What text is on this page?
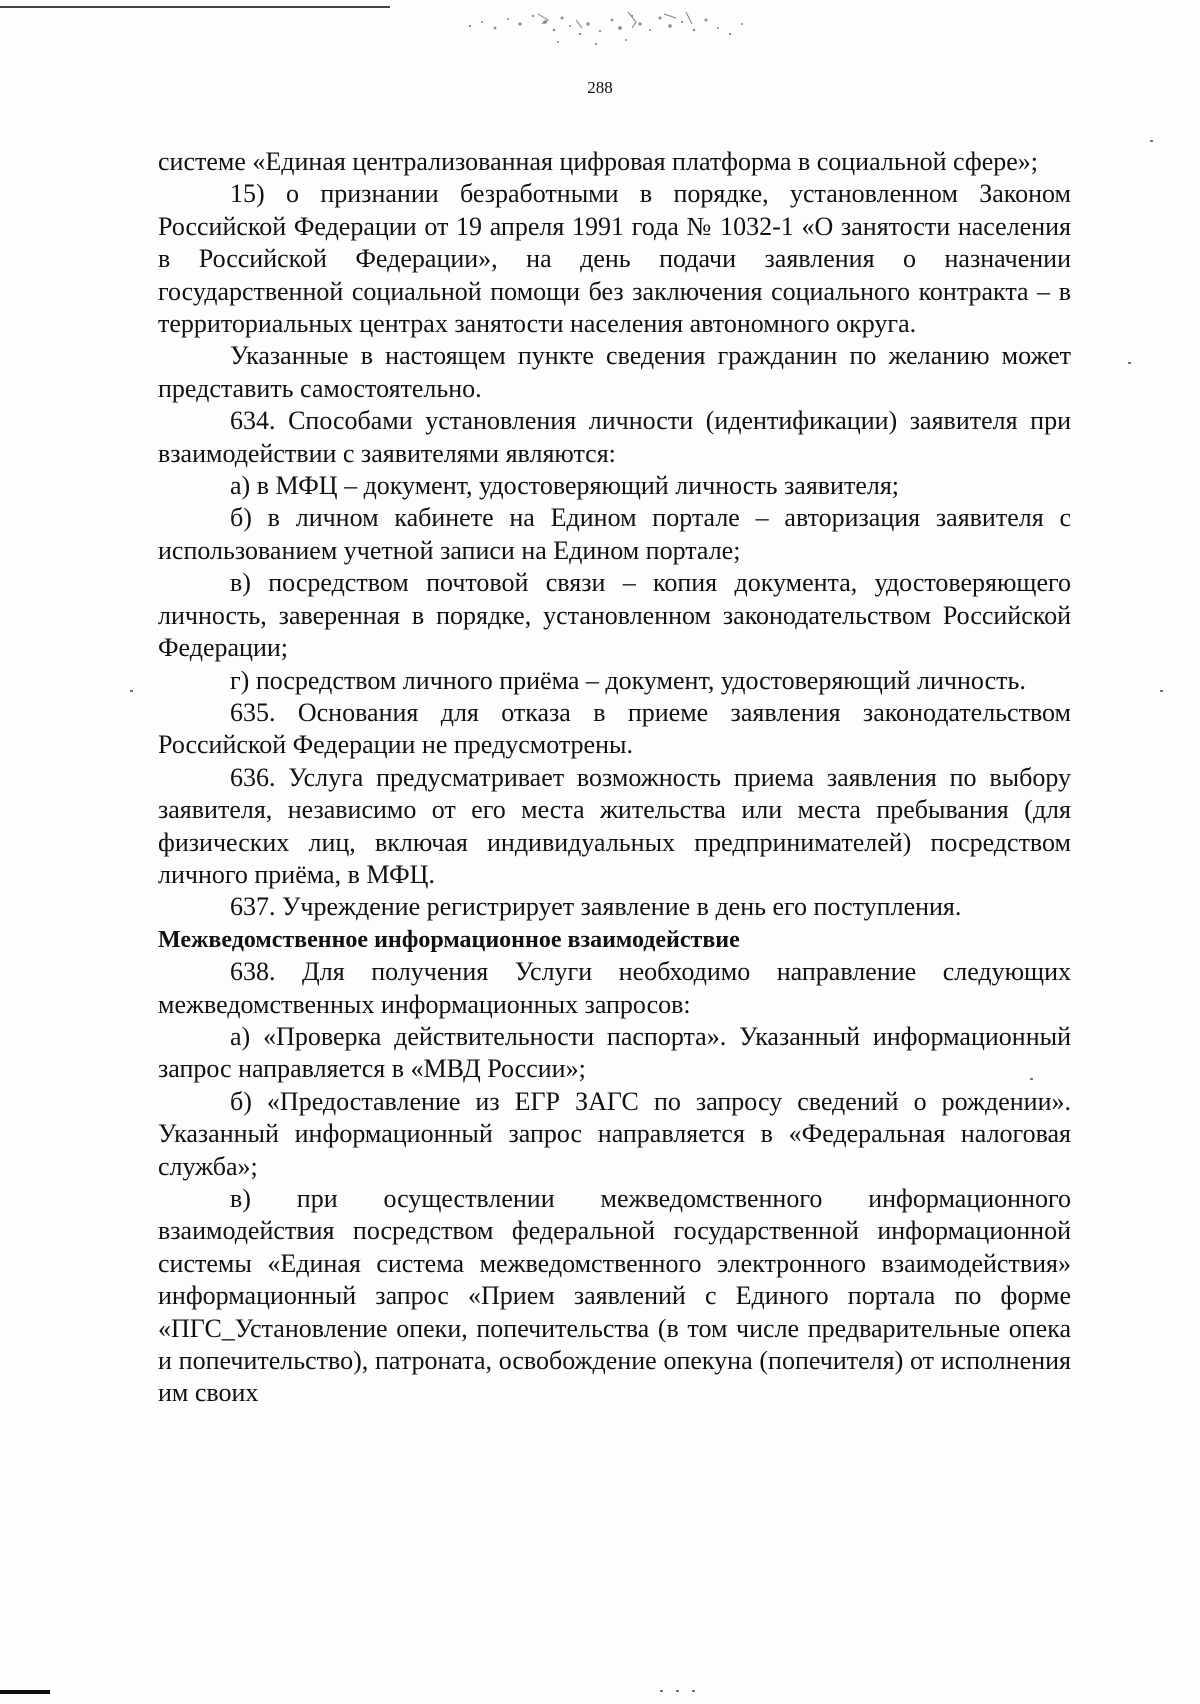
288

системе «Единая централизованная цифровая платформа в социальной сфере»;

15) о признании безработными в порядке, установленном Законом Российской Федерации от 19 апреля 1991 года № 1032-1 «О занятости населения в Российской Федерации», на день подачи заявления о назначении государственной социальной помощи без заключения социального контракта – в территориальных центрах занятости населения автономного округа.

Указанные в настоящем пункте сведения гражданин по желанию может представить самостоятельно.

634. Способами установления личности (идентификации) заявителя при взаимодействии с заявителями являются:

а) в МФЦ – документ, удостоверяющий личность заявителя;

б) в личном кабинете на Едином портале – авторизация заявителя с использованием учетной записи на Едином портале;

в) посредством почтовой связи – копия документа, удостоверяющего личность, заверенная в порядке, установленном законодательством Российской Федерации;

г) посредством личного приёма – документ, удостоверяющий личность.

635. Основания для отказа в приеме заявления законодательством Российской Федерации не предусмотрены.

636. Услуга предусматривает возможность приема заявления по выбору заявителя, независимо от его места жительства или места пребывания (для физических лиц, включая индивидуальных предпринимателей) посредством личного приёма, в МФЦ.

637. Учреждение регистрирует заявление в день его поступления.

Межведомственное информационное взаимодействие

638. Для получения Услуги необходимо направление следующих межведомственных информационных запросов:

а) «Проверка действительности паспорта». Указанный информационный запрос направляется в «МВД России»;

б) «Предоставление из ЕГР ЗАГС по запросу сведений о рождении». Указанный информационный запрос направляется в «Федеральная налоговая служба»;

в) при осуществлении межведомственного информационного взаимодействия посредством федеральной государственной информационной системы «Единая система межведомственного электронного взаимодействия» информационный запрос «Прием заявлений с Единого портала по форме «ПГС_Установление опеки, попечительства (в том числе предварительные опека и попечительство), патроната, освобождение опекуна (попечителя) от исполнения им своих
